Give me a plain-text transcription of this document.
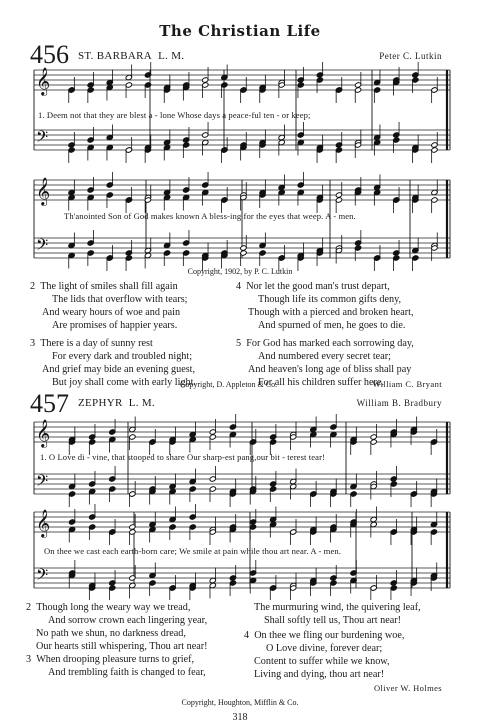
The Christian Life
456 ST. BARBARA L. M.	Peter C. Lutkin
𝄞
𝄢
1. Deem not that they are blest a - lone Whose days a peace-ful ten - or keep;
𝄞
𝄢
Th'anointed Son of God makes known A bless-ing for the eyes that weep. A - men.
Copyright, 1902, by P. C. Lutkin
2 The light of smiles shall fill again
The lids that overflow with tears;
And weary hours of woe and pain
Are promises of happier years.
3 There is a day of sunny rest
For every dark and troubled night;
And grief may bide an evening guest,
But joy shall come with early light.
4 Nor let the good man's trust depart,
Though life its common gifts deny,
Though with a pierced and broken heart,
And spurned of men, he goes to die.
5 For God has marked each sorrowing day,
And numbered every secret tear;
And heaven's long age of bliss shall pay
For all his children suffer here.
Copyright, D. Appleton & Co.	William C. Bryant
457 ZEPHYR L. M.	William B. Bradbury
𝄞
𝄢
1. O Love di - vine, that stooped to share Our sharp-est pang,our bit - terest tear!
𝄞
𝄢
On thee we cast each earth-born care; We smile at pain while thou art near. A - men.
2 Though long the weary way we tread,
And sorrow crown each lingering year,
No path we shun, no darkness dread,
Our hearts still whispering, Thou art near!
3 When drooping pleasure turns to grief,
And trembling faith is changed to fear,
The murmuring wind, the quivering leaf,
Shall softly tell us, Thou art near!
4 On thee we fling our burdening woe,
O Love divine, forever dear;
Content to suffer while we know,
Living and dying, thou art near!
Oliver W. Holmes
Copyright, Houghton, Mifflin & Co.
318
